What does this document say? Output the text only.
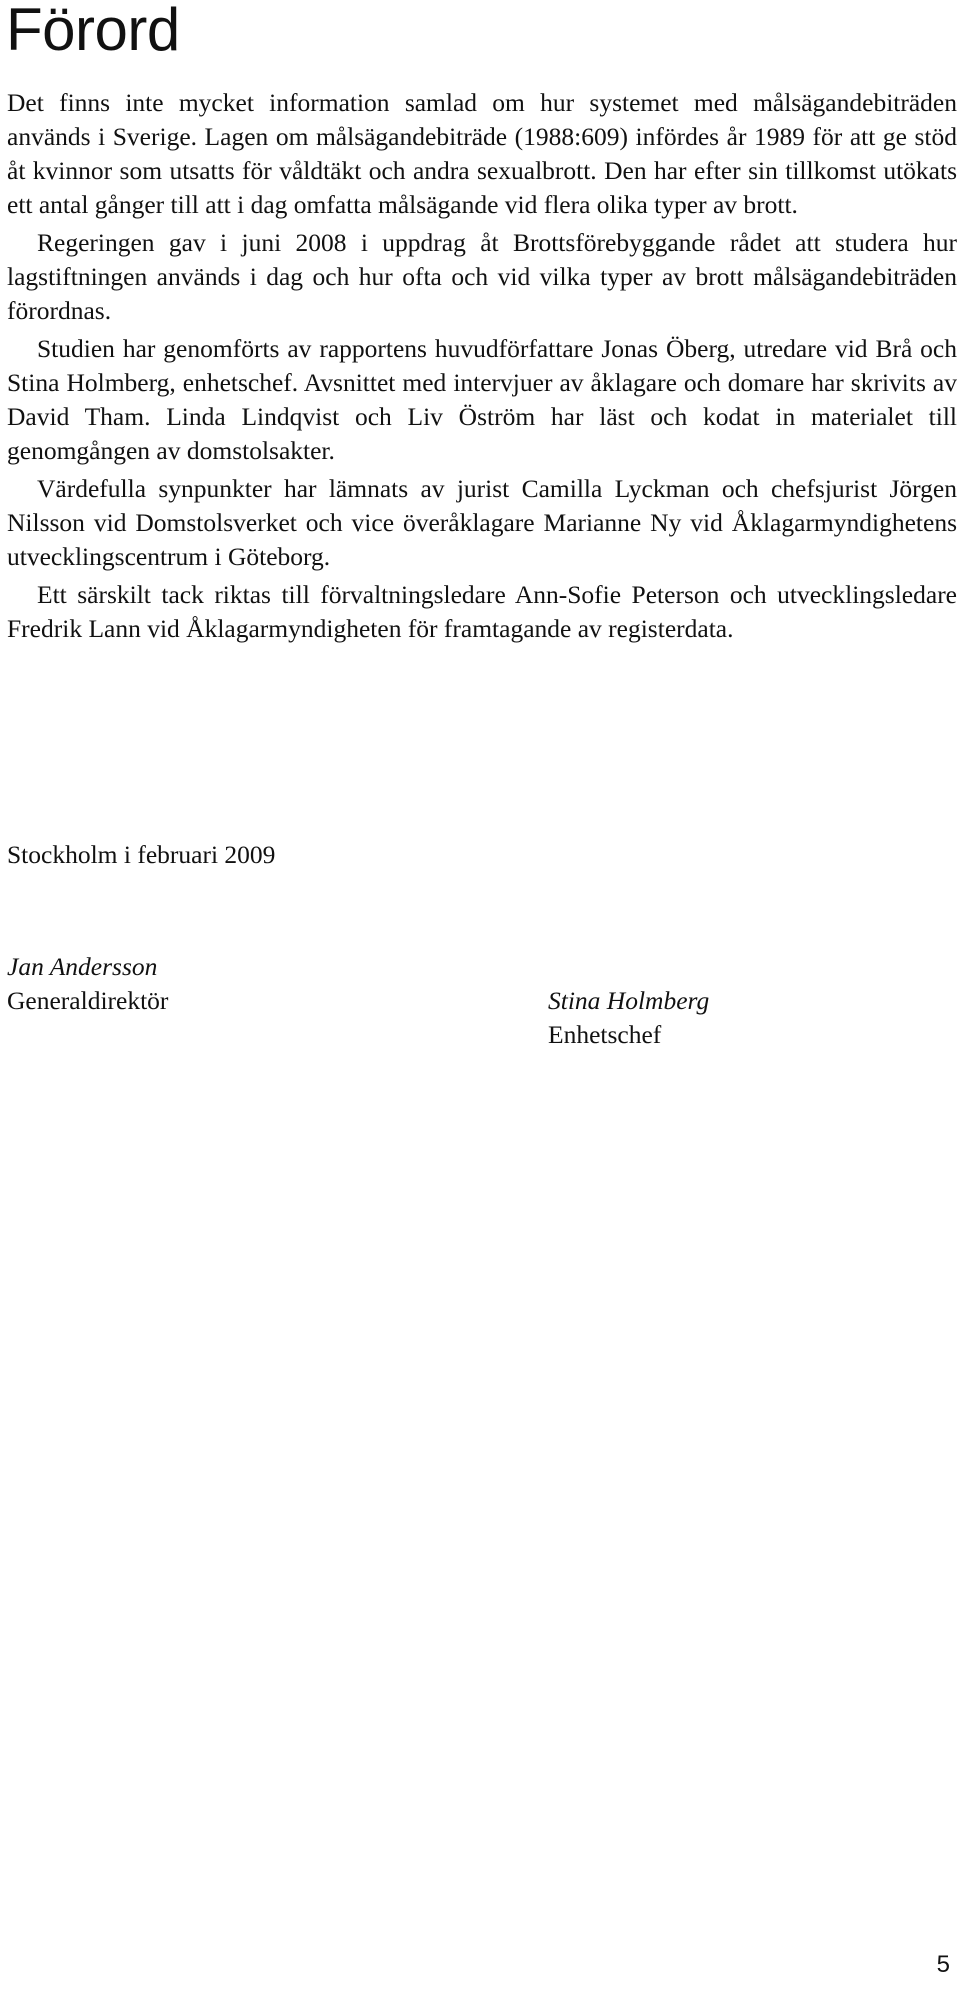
Förord

Det finns inte mycket information samlad om hur systemet med målsägandebiträden används i Sverige. Lagen om målsägandebiträde (1988:609) infördes år 1989 för att ge stöd åt kvinnor som utsatts för våldtäkt och andra sexualbrott. Den har efter sin tillkomst utökats ett antal gånger till att i dag omfatta målsägande vid flera olika typer av brott.

Regeringen gav i juni 2008 i uppdrag åt Brottsförebyggande rådet att studera hur lagstiftningen används i dag och hur ofta och vid vilka typer av brott målsägandebiträden förordnas.

Studien har genomförts av rapportens huvudförfattare Jonas Öberg, utredare vid Brå och Stina Holmberg, enhetschef. Avsnittet med intervjuer av åklagare och domare har skrivits av David Tham. Linda Lindqvist och Liv Öström har läst och kodat in materialet till genomgången av domstolsakter.

Värdefulla synpunkter har lämnats av jurist Camilla Lyckman och chefsjurist Jörgen Nilsson vid Domstolsverket och vice överåklagare Marianne Ny vid Åklagarmyndighetens utvecklingscentrum i Göteborg.

Ett särskilt tack riktas till förvaltningsledare Ann-Sofie Peterson och utvecklingsledare Fredrik Lann vid Åklagarmyndigheten för framtagande av registerdata.

Stockholm i februari 2009
Jan Andersson
Generaldirektör	Stina Holmberg
Enhetschef
5
